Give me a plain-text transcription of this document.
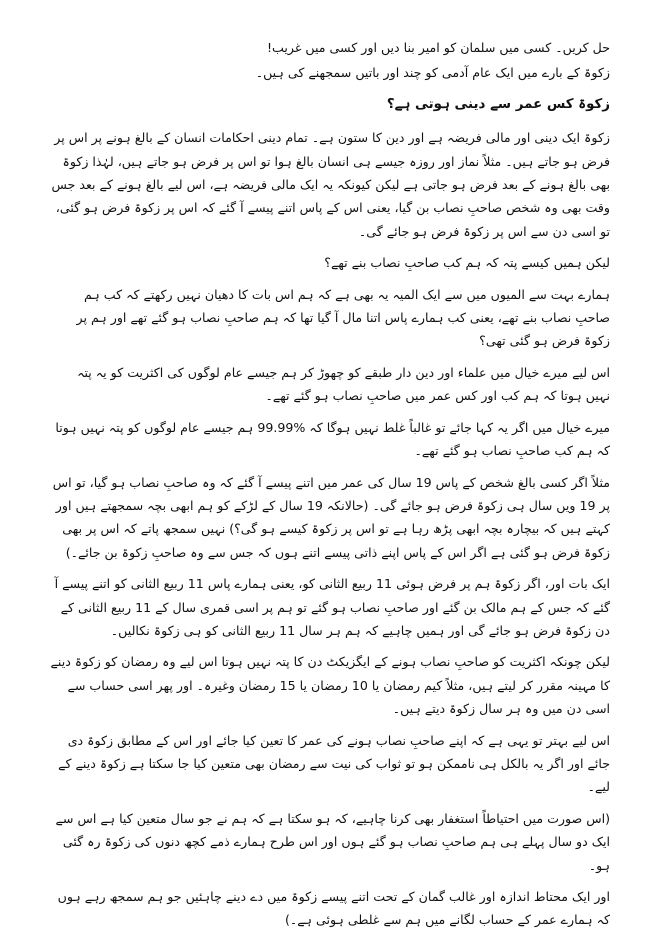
حل کریں۔ کسی میں سلمان کو امیر بنا دیں اور کسی میں غریب!

زکوۃ کے بارے میں ایک عام آدمی کو چند اور باتیں سمجھنے کی ہیں۔

زکوۃ کس عمر سے دینی ہوتی ہے؟

زکوۃ ایک دینی اور مالی فریضہ ہے اور دین کا ستون ہے۔ تمام دینی احکامات انسان کے بالغ ہونے پر اس پر فرض ہو جاتے ہیں۔ مثلاً نماز اور روزہ جیسے ہی انسان بالغ ہوا تو اس پر فرض ہو جاتے ہیں، لہٰذا زکوۃ بھی بالغ ہونے کے بعد فرض ہو جاتی ہے لیکن کیونکہ یہ ایک مالی فریضہ ہے، اس لیے بالغ ہونے کے بعد جس وقت بھی وہ شخص صاحبِ نصاب بن گیا، یعنی اس کے پاس اتنے پیسے آ گئے کہ اس پر زکوۃ فرض ہو گئی، تو اسی دن سے اس پر زکوۃ فرض ہو جائے گی۔

لیکن ہمیں کیسے پتہ کہ ہم کب صاحبِ نصاب بنے تھے؟

ہمارے بہت سے المیوں میں سے ایک المیہ یہ بھی ہے کہ ہم اس بات کا دھیان نہیں رکھتے کہ کب ہم صاحبِ نصاب بنے تھے، یعنی کب ہمارے پاس اتنا مال آ گیا تھا کہ ہم صاحبِ نصاب ہو گئے تھے اور ہم پر زکوۃ فرض ہو گئی تھی؟

اس لیے میرے خیال میں علماء اور دین دار طبقے کو چھوڑ کر ہم جیسے عام لوگوں کی اکثریت کو یہ پتہ نہیں ہوتا کہ ہم کب اور کس عمر میں صاحبِ نصاب ہو گئے تھے۔

میرے خیال میں اگر یہ کہا جائے تو غالباً غلط نہیں ہوگا کہ %99.99 ہم جیسے عام لوگوں کو پتہ نہیں ہوتا کہ ہم کب صاحبِ نصاب ہو گئے تھے۔

مثلاً اگر کسی بالغ شخص کے پاس 19 سال کی عمر میں اتنے پیسے آ گئے کہ وہ صاحبِ نصاب ہو گیا، تو اس پر 19 ویں سال ہی زکوۃ فرض ہو جائے گی۔ (حالانکہ 19 سال کے لڑکے کو ہم ابھی بچہ سمجھتے ہیں اور کہتے ہیں کہ بیچارہ بچہ ابھی پڑھ رہا ہے تو اس پر زکوۃ کیسے ہو گی؟) نہیں سمجھ پاتے کہ اس پر بھی زکوۃ فرض ہو گئی ہے اگر اس کے پاس اپنے ذاتی پیسے اتنے ہوں کہ جس سے وہ صاحبِ زکوۃ بن جائے۔)

ایک بات اور، اگر زکوۃ ہم پر فرض ہوئی 11 ربیع الثانی کو، یعنی ہمارے پاس 11 ربیع الثانی کو اتنے پیسے آ گئے کہ جس کے ہم مالک بن گئے اور صاحبِ نصاب ہو گئے تو ہم پر اسی قمری سال کے 11 ربیع الثانی کے دن زکوۃ فرض ہو جائے گی اور ہمیں چاہیے کہ ہم ہر سال 11 ربیع الثانی کو ہی زکوۃ نکالیں۔

لیکن چونکہ اکثریت کو صاحبِ نصاب ہونے کے ایگزیکٹ دن کا پتہ نہیں ہوتا اس لیے وہ رمضان کو زکوۃ دینے کا مہینہ مقرر کر لیتے ہیں، مثلاً کیم رمضان یا 10 رمضان یا 15 رمضان وغیرہ۔ اور پھر اسی حساب سے اسی دن میں وہ ہر سال زکوۃ دیتے ہیں۔

اس لیے بہتر تو یہی ہے کہ اپنے صاحبِ نصاب ہونے کی عمر کا تعین کیا جائے اور اس کے مطابق زکوۃ دی جائے اور اگر یہ بالکل ہی ناممکن ہو تو ثواب کی نیت سے رمضان بھی متعین کیا جا سکتا ہے زکوۃ دینے کے لیے۔

(اس صورت میں احتیاطاً استغفار بھی کرنا چاہیے، کہ ہو سکتا ہے کہ ہم نے جو سال متعین کیا ہے اس سے ایک دو سال پہلے ہی ہم صاحبِ نصاب ہو گئے ہوں اور اس طرح ہمارے ذمے کچھ دنوں کی زکوۃ رہ گئی ہو۔

اور ایک محتاط اندازہ اور غالب گمان کے تحت اتنے پیسے زکوۃ میں دے دینے چاہئیں جو ہم سمجھ رہے ہوں کہ ہمارے عمر کے حساب لگانے میں ہم سے غلطی ہوئی ہے۔)
